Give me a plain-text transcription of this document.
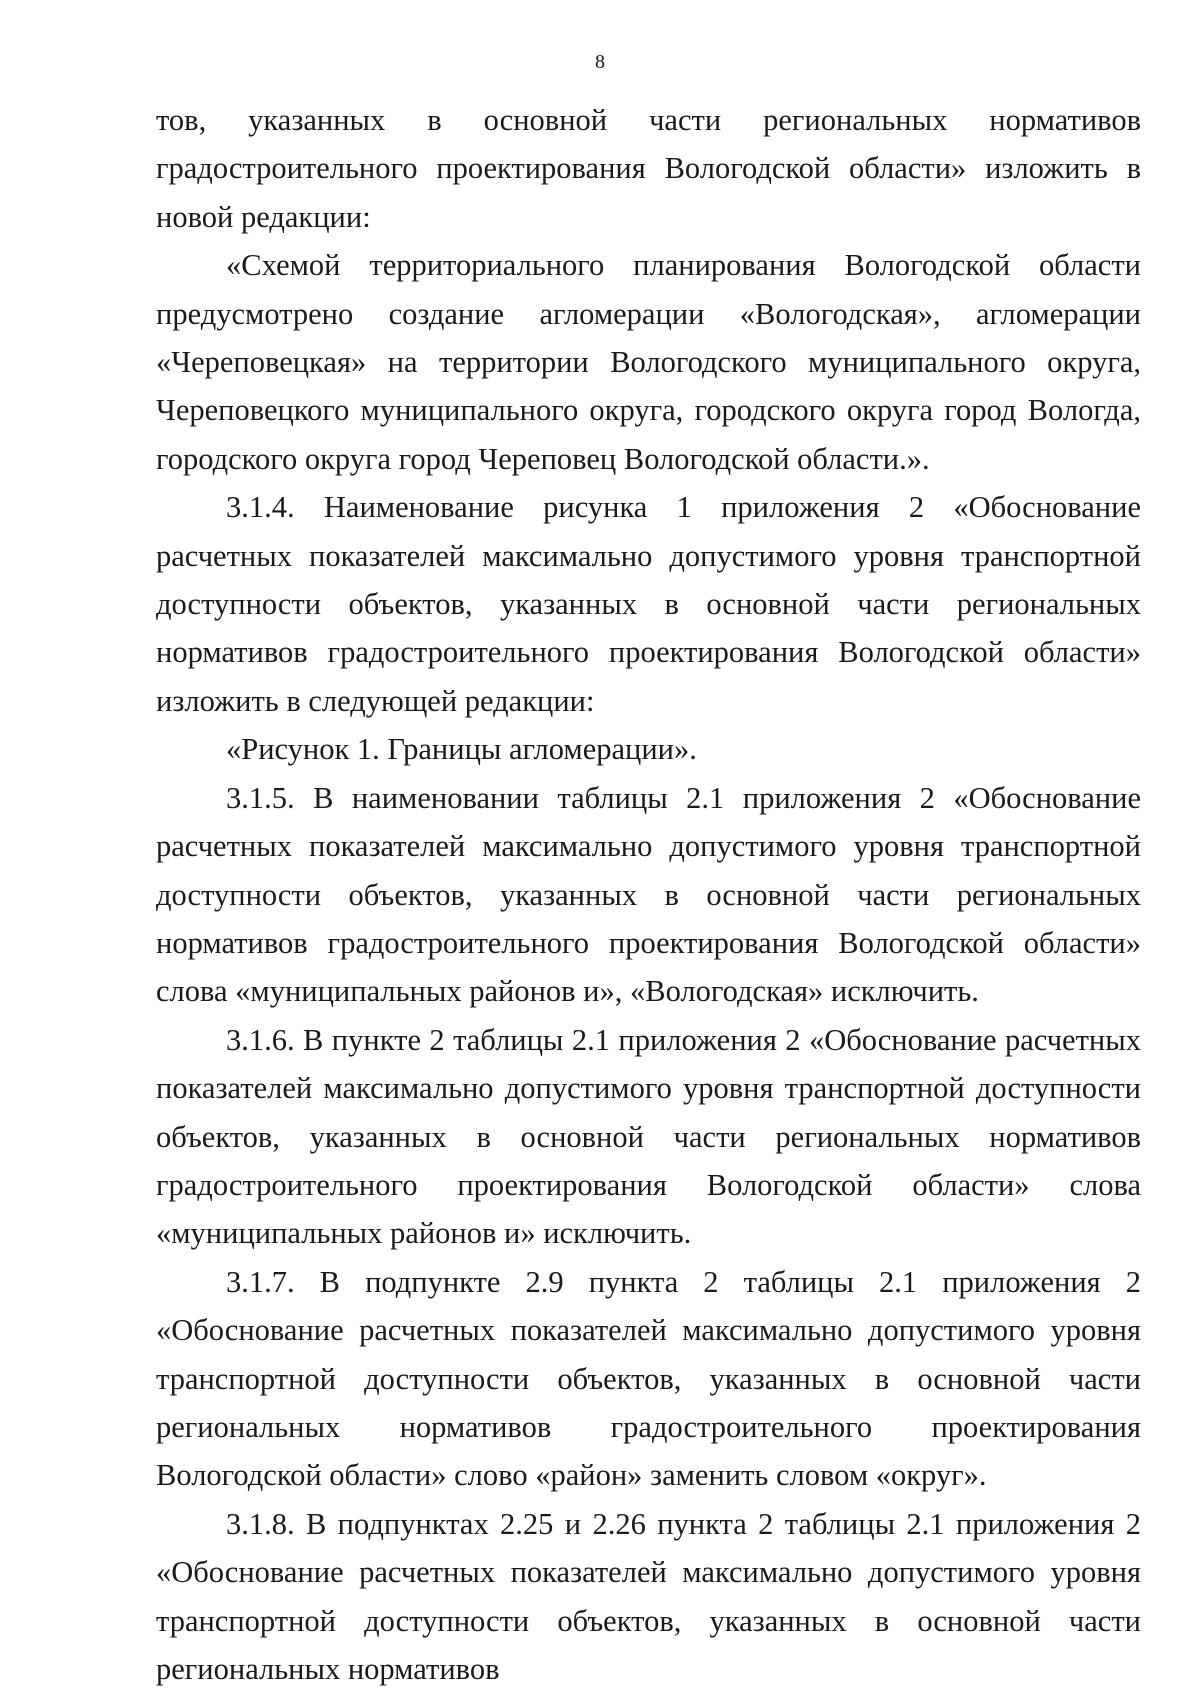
8

тов, указанных в основной части региональных нормативов градостроительного проектирования Вологодской области» изложить в новой редакции:

«Схемой территориального планирования Вологодской области предусмотрено создание агломерации «Вологодская», агломерации «Череповецкая» на территории Вологодского муниципального округа, Череповецкого муниципального округа, городского округа город Вологда, городского округа город Череповец Вологодской области.».

3.1.4. Наименование рисунка 1 приложения 2 «Обоснование расчетных показателей максимально допустимого уровня транспортной доступности объектов, указанных в основной части региональных нормативов градостроительного проектирования Вологодской области» изложить в следующей редакции:

«Рисунок 1. Границы агломерации».

3.1.5. В наименовании таблицы 2.1 приложения 2 «Обоснование расчетных показателей максимально допустимого уровня транспортной доступности объектов, указанных в основной части региональных нормативов градостроительного проектирования Вологодской области» слова «муниципальных районов и», «Вологодская» исключить.

3.1.6. В пункте 2 таблицы 2.1 приложения 2 «Обоснование расчетных показателей максимально допустимого уровня транспортной доступности объектов, указанных в основной части региональных нормативов градостроительного проектирования Вологодской области» слова «муниципальных районов и» исключить.

3.1.7. В подпункте 2.9 пункта 2 таблицы 2.1 приложения 2 «Обоснование расчетных показателей максимально допустимого уровня транспортной доступности объектов, указанных в основной части региональных нормативов градостроительного проектирования Вологодской области» слово «район» заменить словом «округ».

3.1.8. В подпунктах 2.25 и 2.26 пункта 2 таблицы 2.1 приложения 2 «Обоснование расчетных показателей максимально допустимого уровня транспортной доступности объектов, указанных в основной части региональных нормативов
